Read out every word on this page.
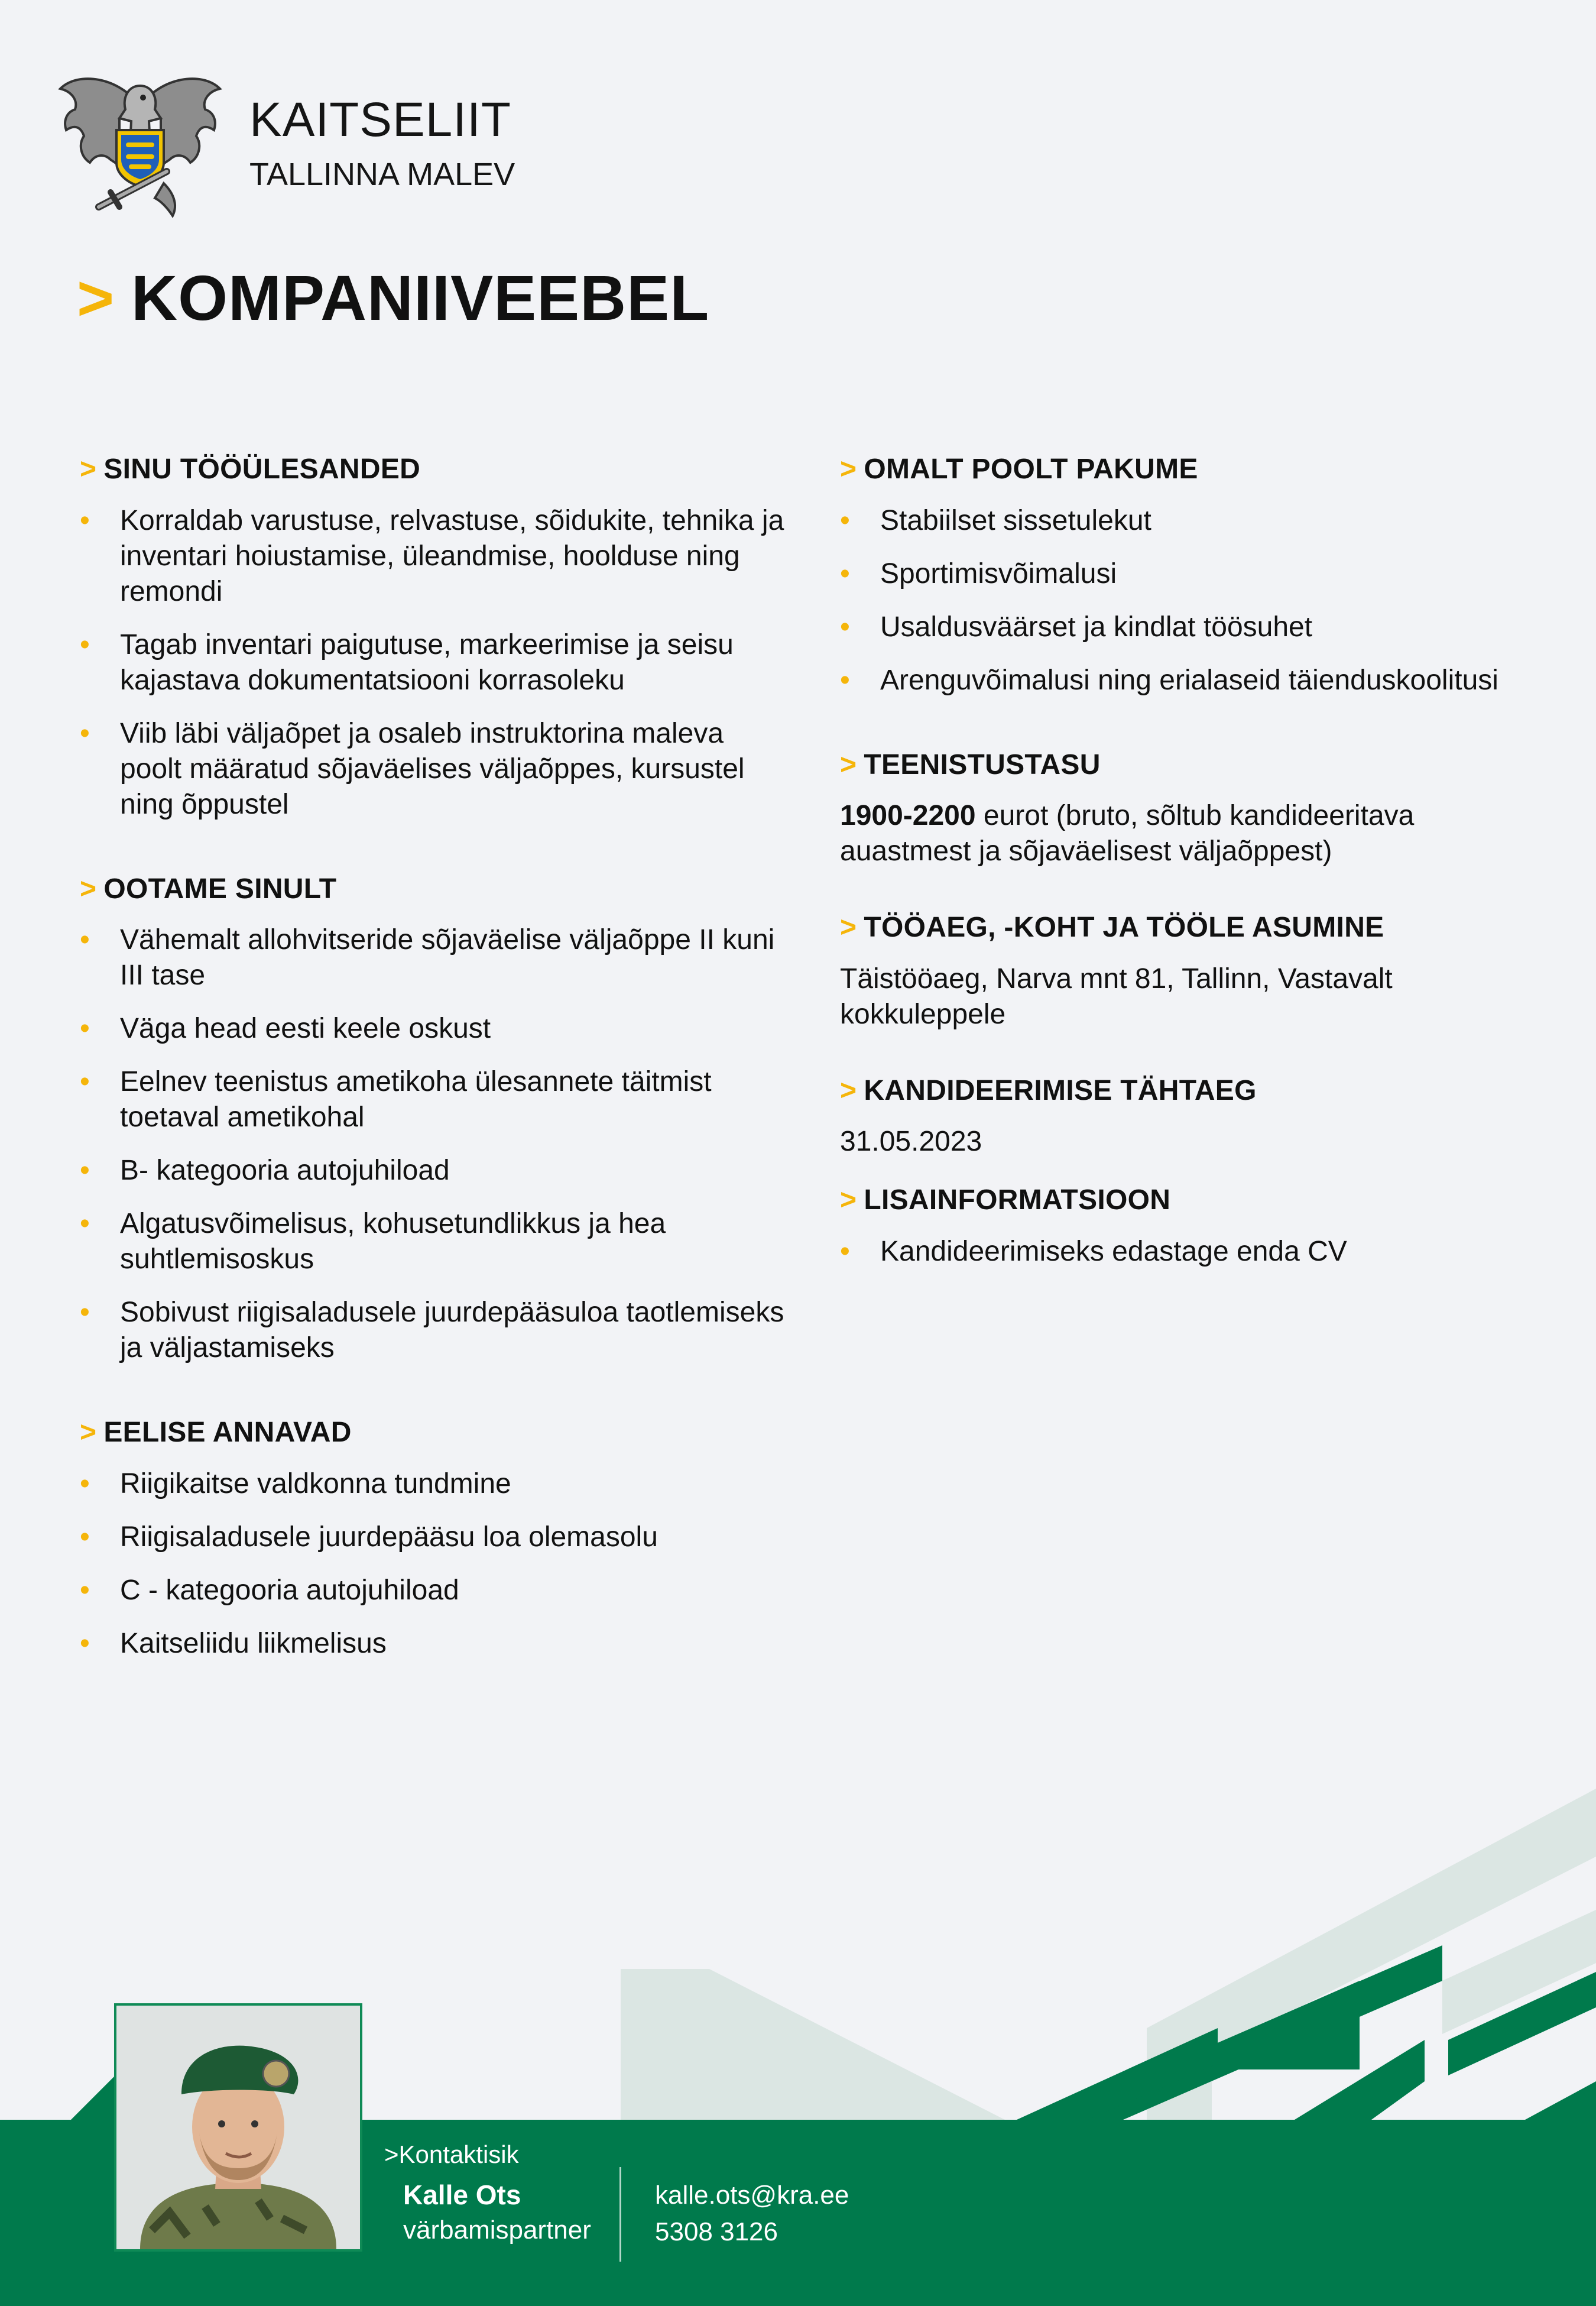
KAITSELIIT
TALLINNA MALEV
> KOMPANIIVEEBEL
> SINU TÖÖÜLESANDED
• Korraldab varustuse, relvastuse, sõidukite, tehnika ja inventari hoiustamise, üleandmise, hoolduse ning remondi
• Tagab inventari paigutuse, markeerimise ja seisu kajastava dokumentatsiooni korrasoleku
• Viib läbi väljaõpet ja osaleb instruktorina maleva poolt määratud sõjaväelises väljaõppes, kursustel ning õppustel
> OOTAME SINULT
• Vähemalt allohvitseride sõjaväelise väljaõppe II kuni III tase
• Väga head eesti keele oskust
• Eelnev teenistus ametikoha ülesannete täitmist toetaval ametikohal
• B- kategooria autojuhiload
• Algatusvõimelisus, kohusetundlikkus ja hea suhtlemisoskus
• Sobivust riigisaladusele juurdepääsuloa taotlemiseks ja väljastamiseks
> EELISE ANNAVAD
• Riigikaitse valdkonna tundmine
• Riigisaladusele juurdepääsu loa olemasolu
• C - kategooria autojuhiload
• Kaitseliidu liikmelisus
> OMALT POOLT PAKUME
• Stabiilset sissetulekut
• Sportimisvõimalusi
• Usaldusväärset ja kindlat töösuhet
• Arenguvõimalusi ning erialaseid täienduskoolitusi
> TEENISTUSTASU

1900-2200 eurot (bruto, sõltub kandideeritava auastmest ja sõjaväelisest väljaõppest)

> TÖÖAEG, -KOHT JA TÖÖLE ASUMINE

Täistööaeg, Narva mnt 81, Tallinn, Vastavalt kokkuleppele

> KANDIDEERIMISE TÄHTAEG

31.05.2023

> LISAINFORMATSIOON
• Kandideerimiseks edastage enda CV
>Kontaktisik
Kalle Ots
värbamispartner
kalle.ots@kra.ee
5308 3126
